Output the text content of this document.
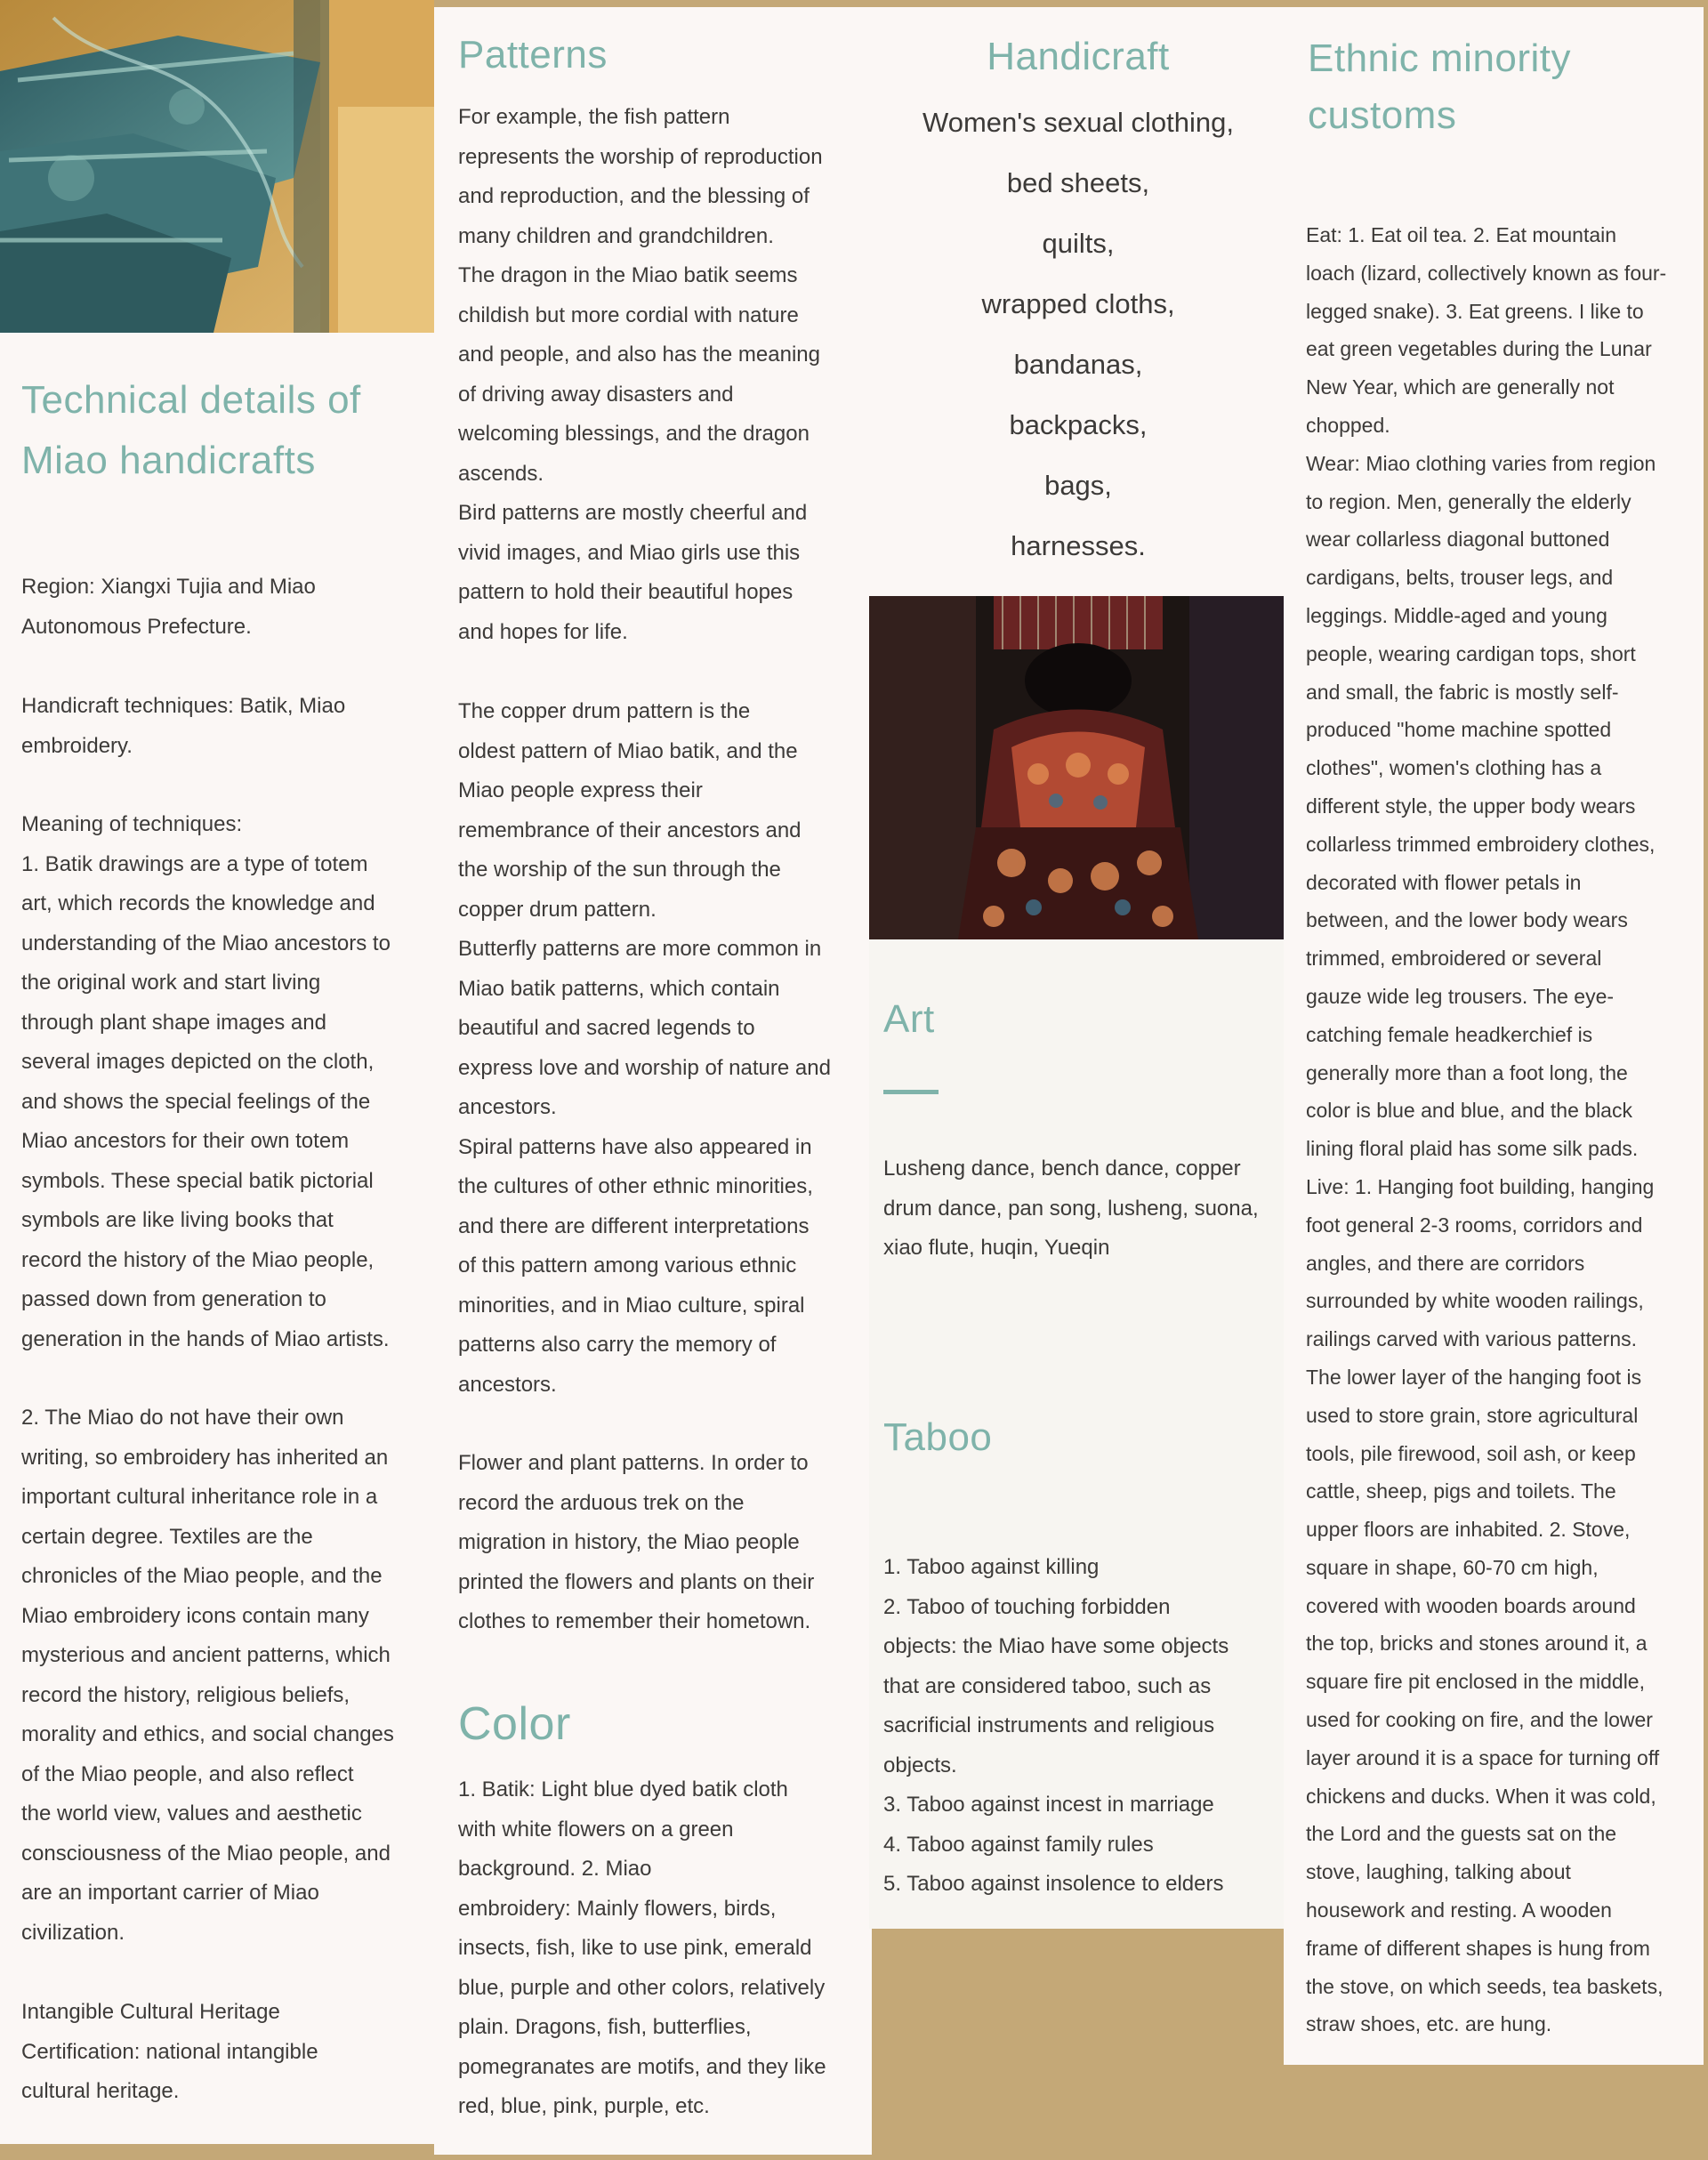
Technical details of
Miao handicrafts

Region: Xiangxi Tujia and Miao
Autonomous Prefecture.

Handicraft techniques: Batik, Miao
embroidery.

Meaning of techniques:
1. Batik drawings are a type of totem
art, which records the knowledge and
understanding of the Miao ancestors to
the original work and start living
through plant shape images and
several images depicted on the cloth,
and shows the special feelings of the
Miao ancestors for their own totem
symbols. These special batik pictorial
symbols are like living books that
record the history of the Miao people,
passed down from generation to
generation in the hands of Miao artists.

2. The Miao do not have their own
writing, so embroidery has inherited an
important cultural inheritance role in a
certain degree. Textiles are the
chronicles of the Miao people, and the
Miao embroidery icons contain many
mysterious and ancient patterns, which
record the history, religious beliefs,
morality and ethics, and social changes
of the Miao people, and also reflect
the world view, values and aesthetic
consciousness of the Miao people, and
are an important carrier of Miao
civilization.

Intangible Cultural Heritage
Certification: national intangible
cultural heritage.

Patterns

For example, the fish pattern
represents the worship of reproduction
and reproduction, and the blessing of
many children and grandchildren.
The dragon in the Miao batik seems
childish but more cordial with nature
and people, and also has the meaning
of driving away disasters and
welcoming blessings, and the dragon
ascends.
Bird patterns are mostly cheerful and
vivid images, and Miao girls use this
pattern to hold their beautiful hopes
and hopes for life.

The copper drum pattern is the
oldest pattern of Miao batik, and the
Miao people express their
remembrance of their ancestors and
the worship of the sun through the
copper drum pattern.
Butterfly patterns are more common in
Miao batik patterns, which contain
beautiful and sacred legends to
express love and worship of nature and
ancestors.
Spiral patterns have also appeared in
the cultures of other ethnic minorities,
and there are different interpretations
of this pattern among various ethnic
minorities, and in Miao culture, spiral
patterns also carry the memory of
ancestors.

Flower and plant patterns. In order to
record the arduous trek on the
migration in history, the Miao people
printed the flowers and plants on their
clothes to remember their hometown.

Color

1. Batik: Light blue dyed batik cloth
with white flowers on a green
background. 2. Miao
embroidery: Mainly flowers, birds,
insects, fish, like to use pink, emerald
blue, purple and other colors, relatively
plain. Dragons, fish, butterflies,
pomegranates are motifs, and they like
red, blue, pink, purple, etc.

Handicraft
Women's sexual clothing,
bed sheets,
quilts,
wrapped cloths,
bandanas,
backpacks,
bags,
harnesses.
Art

Lusheng dance, bench dance, copper
drum dance, pan song, lusheng, suona,
xiao flute, huqin, Yueqin

Taboo

1. Taboo against killing
2. Taboo of touching forbidden
objects: the Miao have some objects
that are considered taboo, such as
sacrificial instruments and religious
objects.
3. Taboo against incest in marriage
4. Taboo against family rules
5. Taboo against insolence to elders

Ethnic minority
customs

Eat: 1. Eat oil tea. 2. Eat mountain
loach (lizard, collectively known as four-
legged snake). 3. Eat greens. I like to
eat green vegetables during the Lunar
New Year, which are generally not
chopped.
Wear: Miao clothing varies from region
to region. Men, generally the elderly
wear collarless diagonal buttoned
cardigans, belts, trouser legs, and
leggings. Middle-aged and young
people, wearing cardigan tops, short
and small, the fabric is mostly self-
produced "home machine spotted
clothes", women's clothing has a
different style, the upper body wears
collarless trimmed embroidery clothes,
decorated with flower petals in
between, and the lower body wears
trimmed, embroidered or several
gauze wide leg trousers. The eye-
catching female headkerchief is
generally more than a foot long, the
color is blue and blue, and the black
lining floral plaid has some silk pads.
Live: 1. Hanging foot building, hanging
foot general 2-3 rooms, corridors and
angles, and there are corridors
surrounded by white wooden railings,
railings carved with various patterns.
The lower layer of the hanging foot is
used to store grain, store agricultural
tools, pile firewood, soil ash, or keep
cattle, sheep, pigs and toilets. The
upper floors are inhabited. 2. Stove,
square in shape, 60-70 cm high,
covered with wooden boards around
the top, bricks and stones around it, a
square fire pit enclosed in the middle,
used for cooking on fire, and the lower
layer around it is a space for turning off
chickens and ducks. When it was cold,
the Lord and the guests sat on the
stove, laughing, talking about
housework and resting. A wooden
frame of different shapes is hung from
the stove, on which seeds, tea baskets,
straw shoes, etc. are hung.
